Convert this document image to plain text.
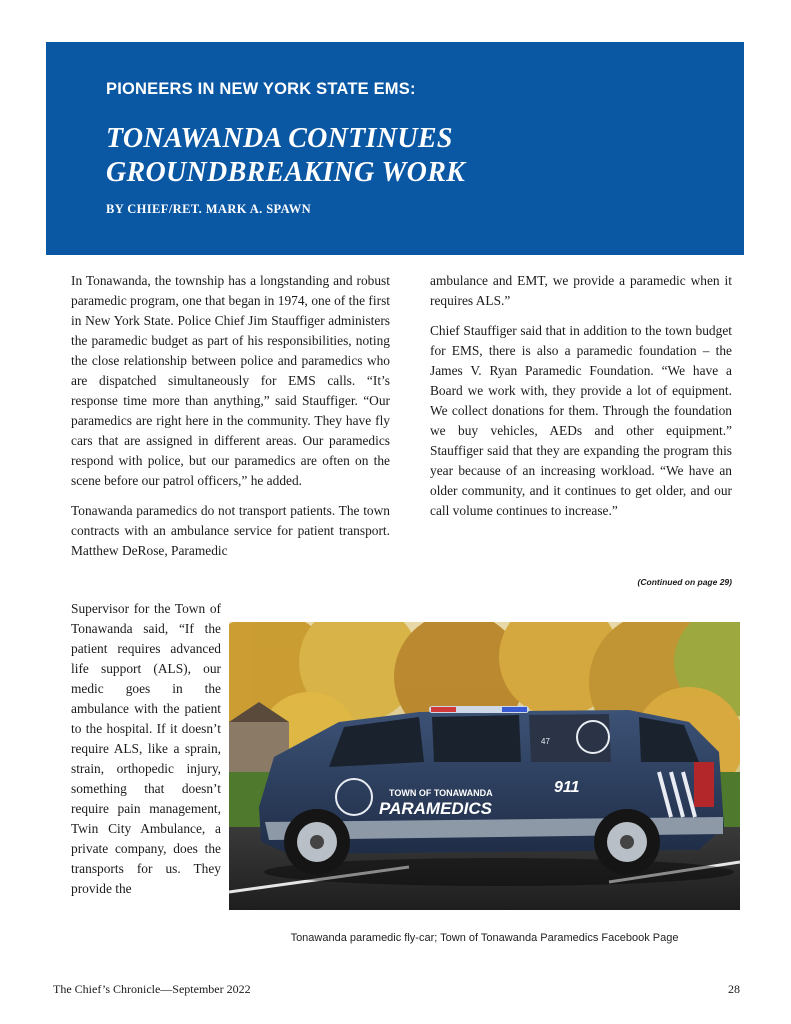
PIONEERS IN NEW YORK STATE EMS:
TONAWANDA CONTINUES
GROUNDBREAKING WORK
BY CHIEF/RET. MARK A. SPAWN

In Tonawanda, the township has a longstanding and robust paramedic program, one that began in 1974, one of the first in New York State. Police Chief Jim Stauffiger administers the paramedic budget as part of his responsibilities, noting the close relationship between police and paramedics who are dispatched simultaneously for EMS calls. “It’s response time more than anything,” said Stauffiger. “Our paramedics are right here in the community. They have fly cars that are assigned in different areas. Our paramedics respond with police, but our paramedics are often on the scene before our patrol officers,” he added.

Tonawanda paramedics do not transport patients. The town contracts with an ambulance service for patient transport. Matthew DeRose, Paramedic

Supervisor for the Town of Tonawanda said, “If the patient requires advanced life support (ALS), our medic goes in the ambulance with the patient to the hospital. If it doesn’t require ALS, like a sprain, strain, orthopedic injury, something that doesn’t require pain management, Twin City Ambulance, a private company, does the transports for us. They provide the

ambulance and EMT, we provide a paramedic when it requires ALS.”

Chief Stauffiger said that in addition to the town budget for EMS, there is also a paramedic foundation – the James V. Ryan Paramedic Foundation. “We have a Board we work with, they provide a lot of equipment. We collect donations for them. Through the foundation we buy vehicles, AEDs and other equipment.” Stauffiger said that they are expanding the program this year because of an increasing workload. “We have an older community, and it continues to get older, and our call volume continues to increase.”

(Continued on page 29)
TOWN OF TONAWANDA
PARAMEDICS
911
47
Tonawanda paramedic fly-car; Town of Tonawanda Paramedics Facebook Page
The Chief’s Chronicle—September 2022	28
